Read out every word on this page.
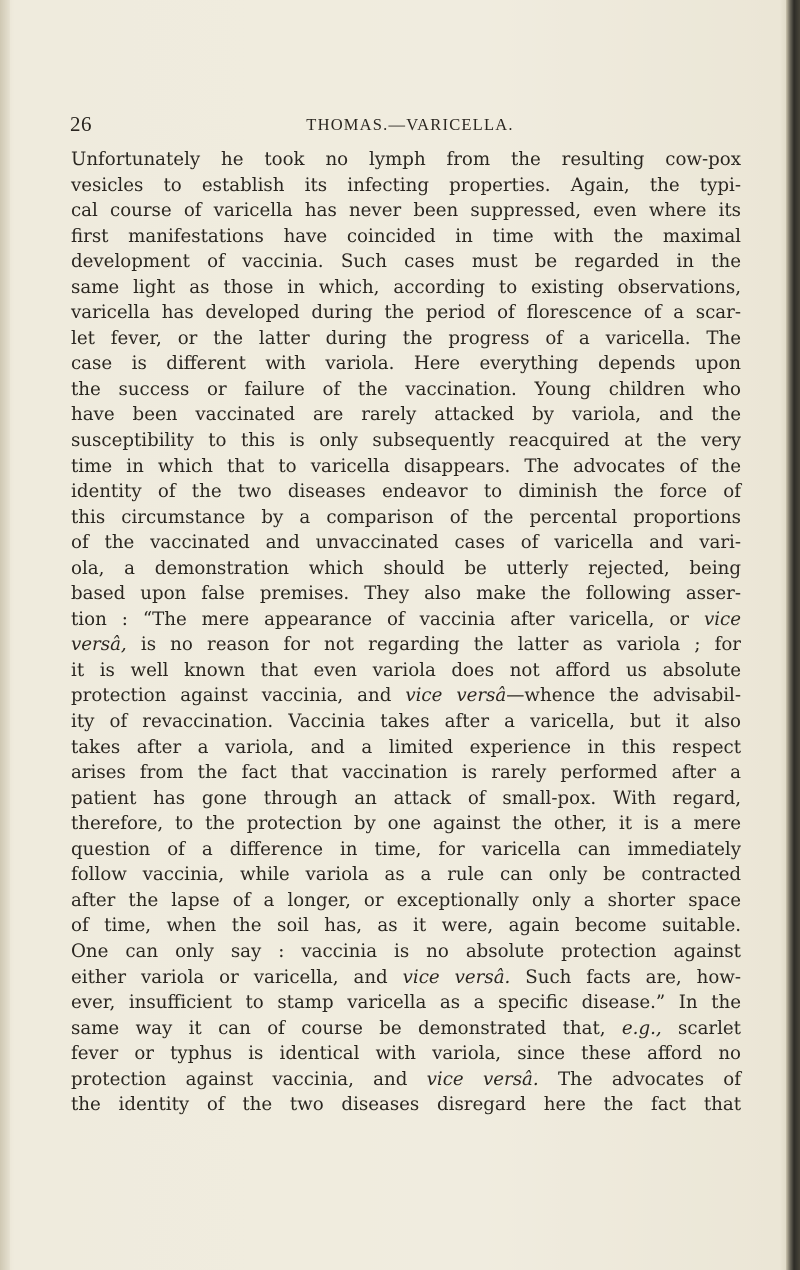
26	THOMAS.—VARICELLA.
Unfortunately he took no lymph from the resulting cow-pox
vesicles to establish its infecting properties. Again, the typi-
cal course of varicella has never been suppressed, even where its
first manifestations have coincided in time with the maximal
development of vaccinia. Such cases must be regarded in the
same light as those in which, according to existing observations,
varicella has developed during the period of florescence of a scar-
let fever, or the latter during the progress of a varicella. The
case is different with variola. Here everything depends upon
the success or failure of the vaccination. Young children who
have been vaccinated are rarely attacked by variola, and the
susceptibility to this is only subsequently reacquired at the very
time in which that to varicella disappears. The advocates of the
identity of the two diseases endeavor to diminish the force of
this circumstance by a comparison of the percental proportions
of the vaccinated and unvaccinated cases of varicella and vari-
ola, a demonstration which should be utterly rejected, being
based upon false premises. They also make the following asser-
tion : “The mere appearance of vaccinia after varicella, or vice
versâ, is no reason for not regarding the latter as variola ; for
it is well known that even variola does not afford us absolute
protection against vaccinia, and vice versâ—whence the advisabil-
ity of revaccination. Vaccinia takes after a varicella, but it also
takes after a variola, and a limited experience in this respect
arises from the fact that vaccination is rarely performed after a
patient has gone through an attack of small-pox. With regard,
therefore, to the protection by one against the other, it is a mere
question of a difference in time, for varicella can immediately
follow vaccinia, while variola as a rule can only be contracted
after the lapse of a longer, or exceptionally only a shorter space
of time, when the soil has, as it were, again become suitable.
One can only say : vaccinia is no absolute protection against
either variola or varicella, and vice versâ. Such facts are, how-
ever, insufficient to stamp varicella as a specific disease.” In the
same way it can of course be demonstrated that, e.g., scarlet
fever or typhus is identical with variola, since these afford no
protection against vaccinia, and vice versâ. The advocates of
the identity of the two diseases disregard here the fact that
